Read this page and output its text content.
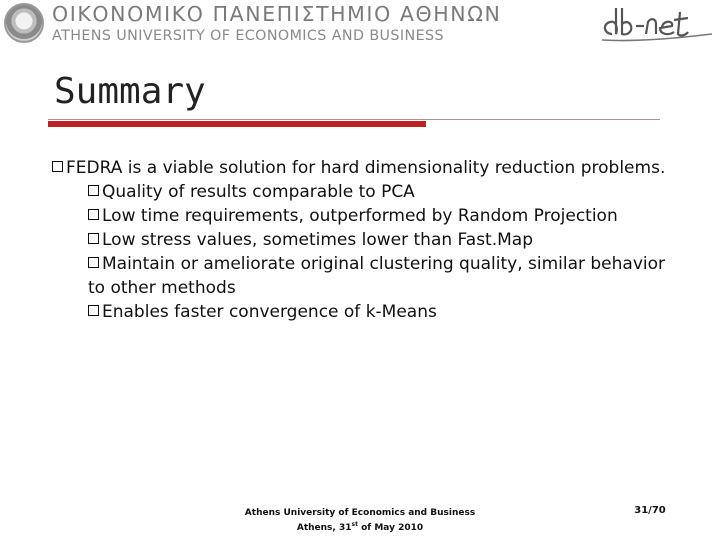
ΟΙΚΟΝΟΜΙΚΟ ΠΑΝΕΠΙΣΤΗΜΙΟ ΑΘΗΝΩΝ
ATHENS UNIVERSITY OF ECONOMICS AND BUSINESS
Summary

FEDRA is a viable solution for hard dimensionality reduction problems.

Quality of results comparable to PCA

Low time requirements, outperformed by Random Projection

Low stress values, sometimes lower than Fast.Map

Maintain or ameliorate original clustering quality, similar behavior to other methods

Enables faster convergence of k-Means

Athens University of Economics and Business
Athens, 31st of May 2010
31/70
